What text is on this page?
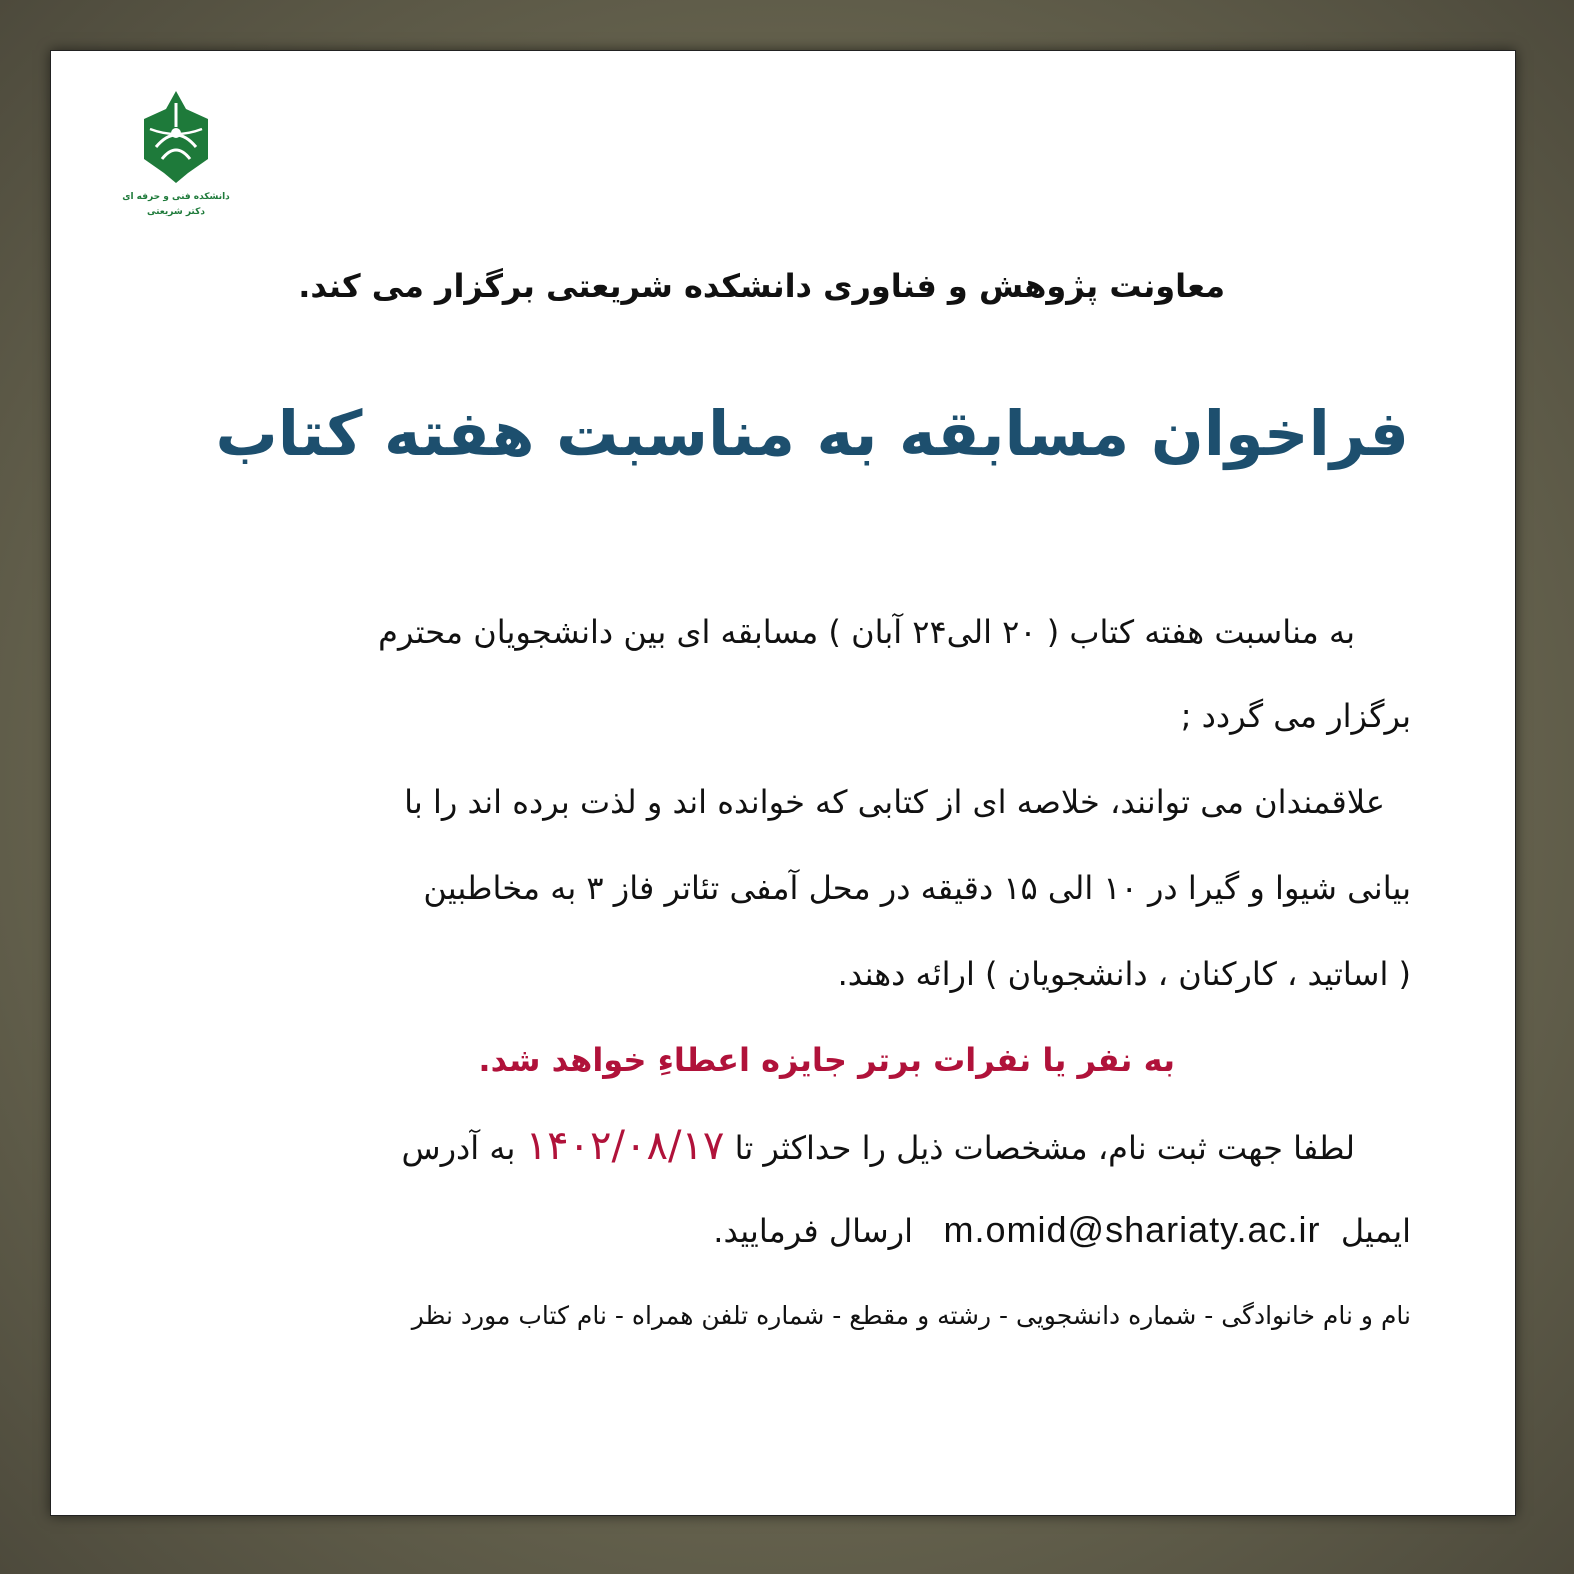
دانشکده فنی و حرفه ای
دکتر شریعتی
معاونت پژوهش و فناوری دانشکده شریعتی برگزار می کند.
فراخوان مسابقه به مناسبت هفته کتاب
به مناسبت هفته کتاب ( ۲۰ الی۲۴ آبان ) مسابقه ای بین دانشجویان محترم
برگزار می گردد ;
علاقمندان می توانند، خلاصه ای از کتابی که خوانده اند و لذت برده اند را با
بیانی شیوا و گیرا در ۱۰ الی ۱۵ دقیقه در محل آمفی تئاتر فاز ۳ به مخاطبین
( اساتید ، کارکنان ، دانشجویان ) ارائه دهند.
به نفر یا نفرات برتر جایزه اعطاءِ خواهد شد.
لطفا جهت ثبت نام، مشخصات ذیل را حداکثر تا ۱۴۰۲/۰۸/۱۷ به آدرس
ایمیل  m.omid@shariaty.ac.ir   ارسال فرمایید.
نام و نام خانوادگی - شماره دانشجویی - رشته و مقطع - شماره تلفن همراه - نام کتاب مورد نظر
